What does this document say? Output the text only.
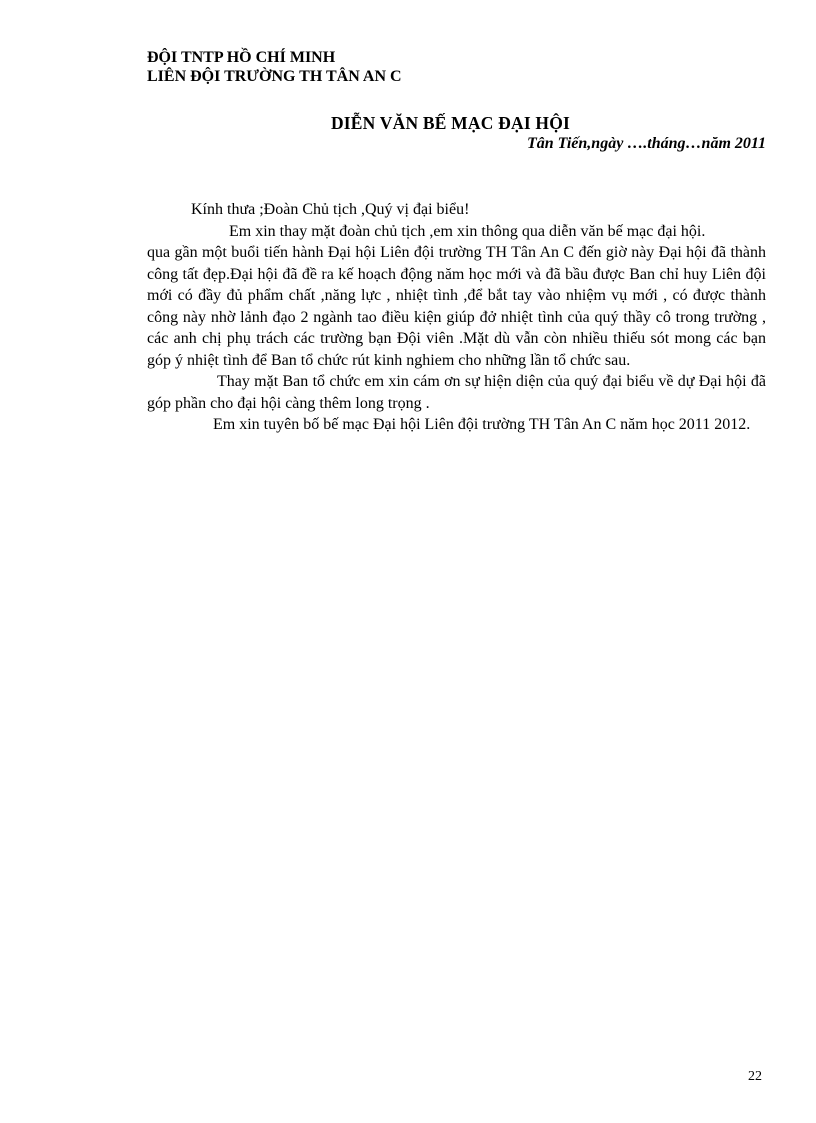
ĐỘI TNTP HỒ CHÍ MINH
LIÊN ĐỘI TRƯỜNG TH TÂN AN C
DIỄN VĂN BẾ MẠC ĐẠI HỘI
Tân Tiến,ngày ….tháng…năm 2011

Kính thưa ;Đoàn Chủ tịch ,Quý vị đại biểu!

Em xin thay mặt đoàn chủ tịch ,em xin thông qua diễn văn bế mạc đại hội.

qua gần một buổi tiến hành Đại hội Liên đội trường TH Tân An C đến giờ này Đại hội đã thành công tất đẹp.Đại hội đã đề ra kế hoạch động năm học mới và đã bầu được Ban chỉ huy Liên đội mới có đầy đủ phẩm chất ,năng lực , nhiệt tình ,để bắt tay vào nhiệm vụ mới , có được thành công này nhờ lảnh đạo 2 ngành tao điều kiện giúp đở nhiệt tình của quý thầy cô trong trường , các anh chị phụ trách các trường bạn Đội viên .Mặt dù vẫn còn nhiều thiếu sót mong các bạn góp ý nhiệt tình để Ban tổ chức rút kinh nghiem cho những lần tổ chức sau.

Thay mặt Ban tổ chức em xin cám ơn sự hiện diện của quý đại biểu về dự Đại hội đã góp phần cho đại hội càng thêm long trọng .

Em xin tuyên bố bế mạc Đại hội Liên đội trường TH Tân An C năm học 2011 2012.

22
